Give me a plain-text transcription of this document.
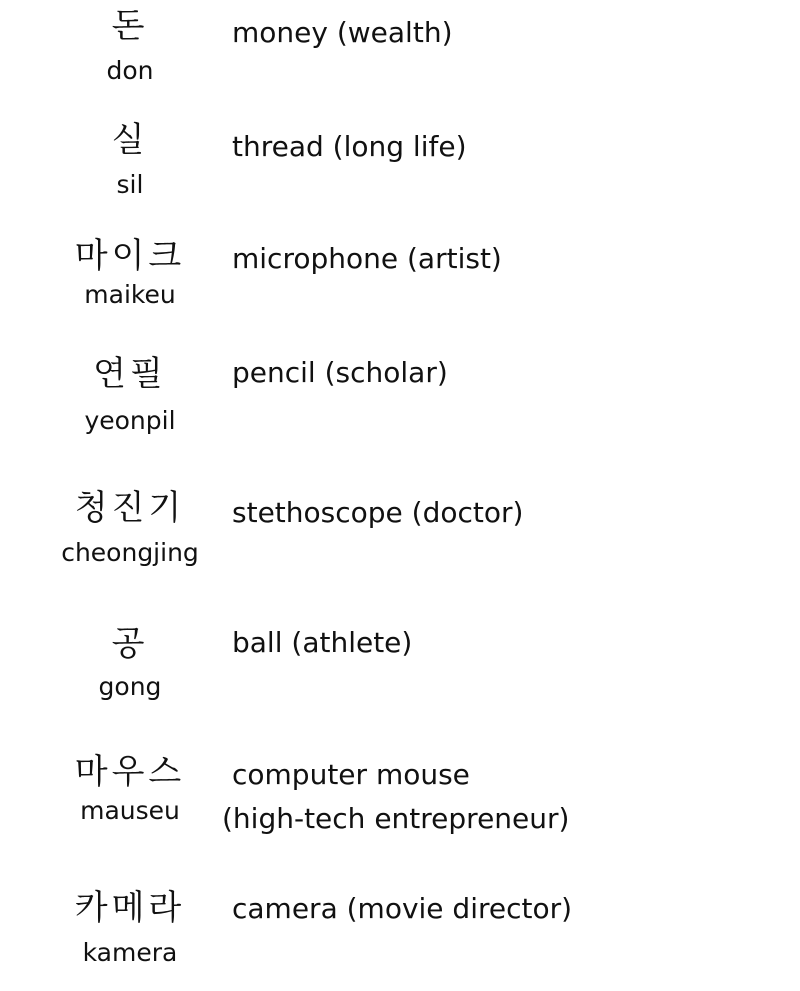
돈
don
money (wealth)
실
sil
thread (long life)
마이크
maikeu
microphone (artist)
연필
yeonpil
pencil (scholar)
청진기
cheongjing
stethoscope (doctor)
공
gong
ball (athlete)
마우스
mauseu
computer mouse
(high-tech entrepreneur)
카메라
kamera
camera (movie director)
